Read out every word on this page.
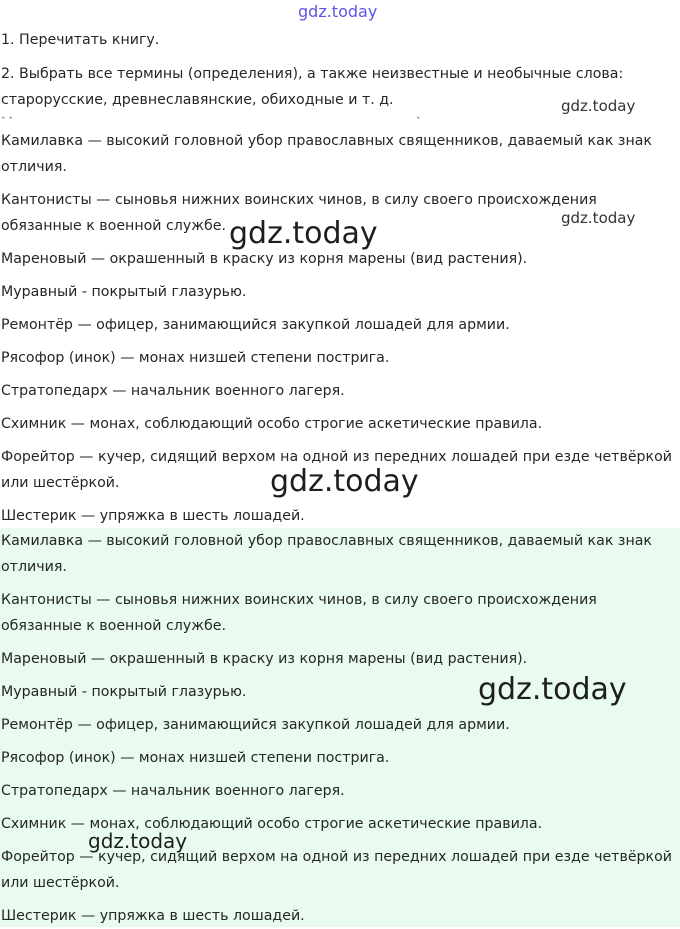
gdz.today
1. Перечитать книгу.
2. Выбрать все термины (определения), а также неизвестные и необычные слова:
старорусские, древнеславянские, обиходные и т. д.
ˆ ˆ	ˇ
Камилавка — высокий головной убор православных священников, даваемый как знак
отличия.
Кантонисты — сыновья нижних воинских чинов, в силу своего происхождения
обязанные к военной службе.
Мареновый — окрашенный в краску из корня марены (вид растения).
Муравный - покрытый глазурью.
Ремонтёр — офицер, занимающийся закупкой лошадей для армии.
Рясофор (инок) — монах низшей степени пострига.
Стратопедарх — начальник военного лагеря.
Схимник — монах, соблюдающий особо строгие аскетические правила.
Форейтор — кучер, сидящий верхом на одной из передних лошадей при езде четвёркой
или шестёркой.
Шестерик — упряжка в шесть лошадей.
Камилавка — высокий головной убор православных священников, даваемый как знак
отличия.
Кантонисты — сыновья нижних воинских чинов, в силу своего происхождения
обязанные к военной службе.
Мареновый — окрашенный в краску из корня марены (вид растения).
Муравный - покрытый глазурью.
Ремонтёр — офицер, занимающийся закупкой лошадей для армии.
Рясофор (инок) — монах низшей степени пострига.
Стратопедарх — начальник военного лагеря.
Схимник — монах, соблюдающий особо строгие аскетические правила.
Форейтор — кучер, сидящий верхом на одной из передних лошадей при езде четвёркой
или шестёркой.
Шестерик — упряжка в шесть лошадей.
gdz.today
gdz.today
gdz.today
gdz.today
gdz.today
gdz.today
